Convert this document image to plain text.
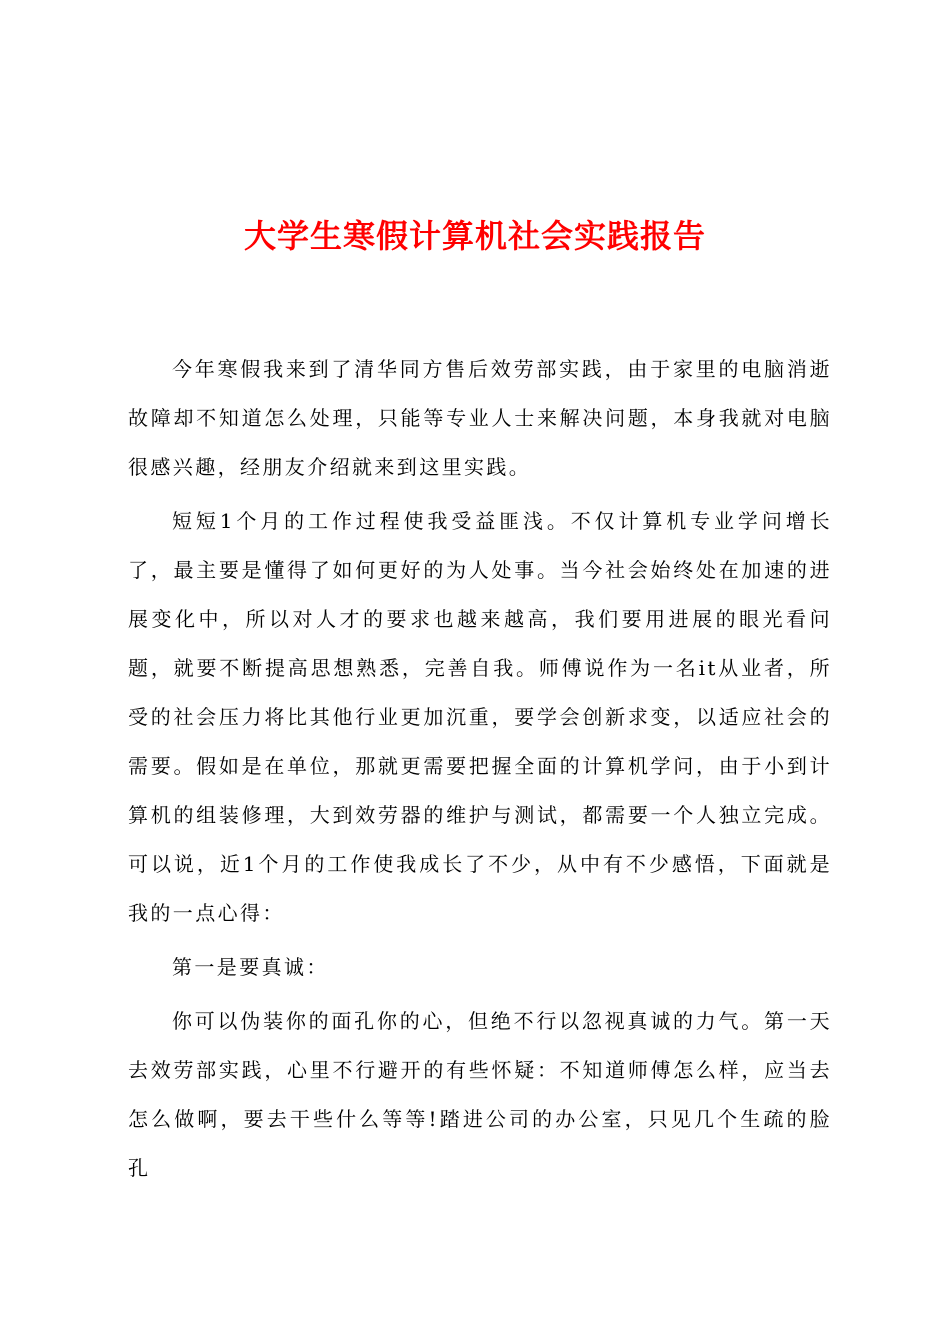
大学生寒假计算机社会实践报告

今年寒假我来到了清华同方售后效劳部实践，由于家里的电脑消逝故障却不知道怎么处理，只能等专业人士来解决问题，本身我就对电脑很感兴趣，经朋友介绍就来到这里实践。

短短1个月的工作过程使我受益匪浅。不仅计算机专业学问增长了，最主要是懂得了如何更好的为人处事。当今社会始终处在加速的进展变化中，所以对人才的要求也越来越高，我们要用进展的眼光看问题，就要不断提高思想熟悉，完善自我。师傅说作为一名it从业者，所受的社会压力将比其他行业更加沉重，要学会创新求变，以适应社会的需要。假如是在单位，那就更需要把握全面的计算机学问，由于小到计算机的组装修理，大到效劳器的维护与测试，都需要一个人独立完成。可以说，近1个月的工作使我成长了不少，从中有不少感悟，下面就是我的一点心得：

第一是要真诚：

你可以伪装你的面孔你的心，但绝不行以忽视真诚的力气。第一天去效劳部实践，心里不行避开的有些怀疑：不知道师傅怎么样，应当去怎么做啊，要去干些什么等等!踏进公司的办公室，只见几个生疏的脸孔
